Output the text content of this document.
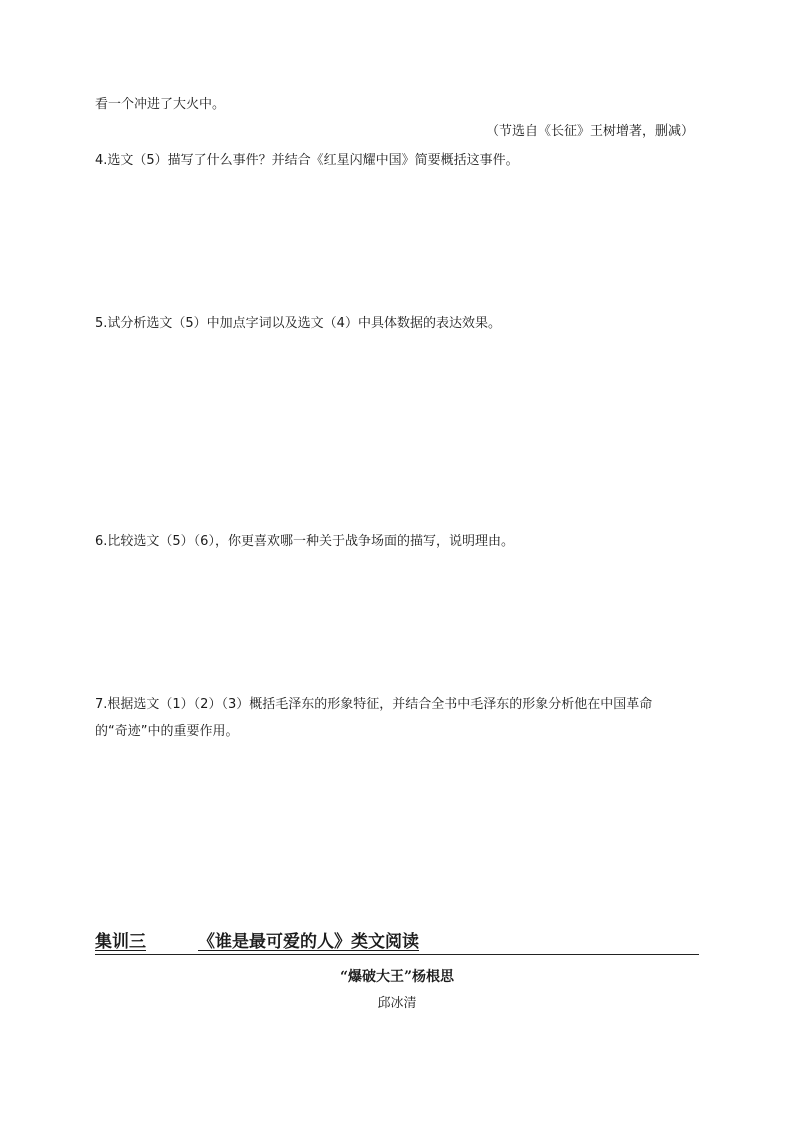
看一个冲进了大火中。
（节选自《长征》王树增著，删减）
4.选文（5）描写了什么事件？并结合《红星闪耀中国》简要概括这事件。
5.试分析选文（5）中加点字词以及选文（4）中具体数据的表达效果。
6.比较选文（5）（6），你更喜欢哪一种关于战争场面的描写，说明理由。
7.根据选文（1）（2）（3）概括毛泽东的形象特征，并结合全书中毛泽东的形象分析他在中国革命
的“奇迹”中的重要作用。
集训三	《谁是最可爱的人》类文阅读
“爆破大王”杨根思
邱冰清
